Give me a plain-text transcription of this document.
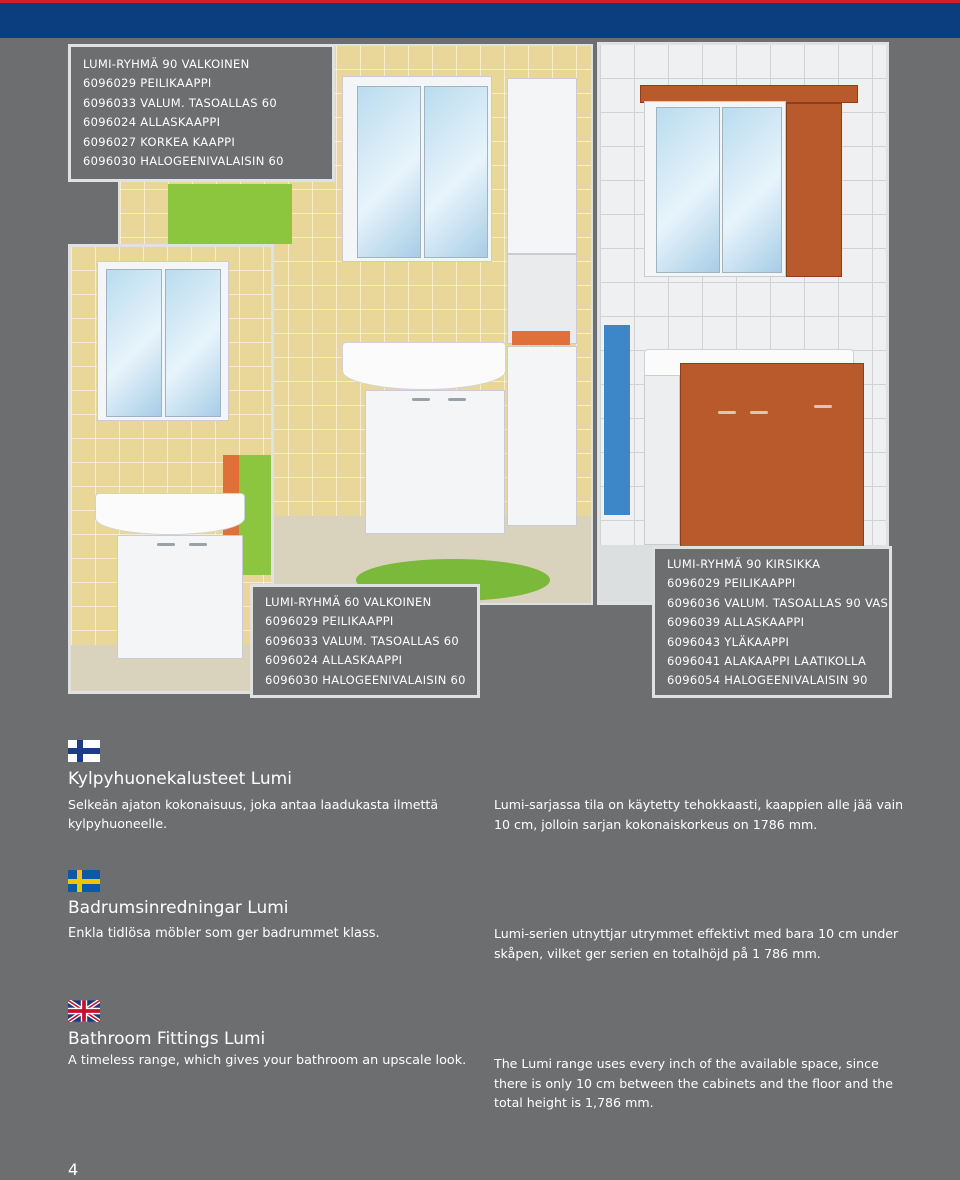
LUMI-RYHMÄ 90 VALKOINEN
6096029 PEILIKAAPPI
6096033 VALUM. TASOALLAS 60
6096024 ALLASKAAPPI
6096027 KORKEA KAAPPI
6096030 HALOGEENIVALAISIN 60
LUMI-RYHMÄ 60 VALKOINEN
6096029 PEILIKAAPPI
6096033 VALUM. TASOALLAS 60
6096024 ALLASKAAPPI
6096030 HALOGEENIVALAISIN 60
LUMI-RYHMÄ 90 KIRSIKKA
6096029 PEILIKAAPPI
6096036 VALUM. TASOALLAS 90 VAS
6096039 ALLASKAAPPI
6096043 YLÄKAAPPI
6096041 ALAKAAPPI LAATIKOLLA
6096054 HALOGEENIVALAISIN 90
Kylpyhuonekalusteet Lumi
Selkeän ajaton kokonaisuus, joka antaa laadukasta ilmettä kylpyhuoneelle.
Lumi-sarjassa tila on käytetty tehokkaasti, kaappien alle jää vain 10 cm, jolloin sarjan kokonaiskorkeus on 1786 mm.
Badrumsinredningar Lumi
Enkla tidlösa möbler som ger badrummet klass.	Lumi-serien utnyttjar utrymmet effektivt med bara 10 cm under skåpen, vilket ger serien en totalhöjd på 1 786 mm.
Bathroom Fittings Lumi
A timeless range, which gives your bathroom an upscale look.	The Lumi range uses every inch of the available space, since there is only 10 cm between the cabinets and the floor and the total height is 1,786 mm.
4
